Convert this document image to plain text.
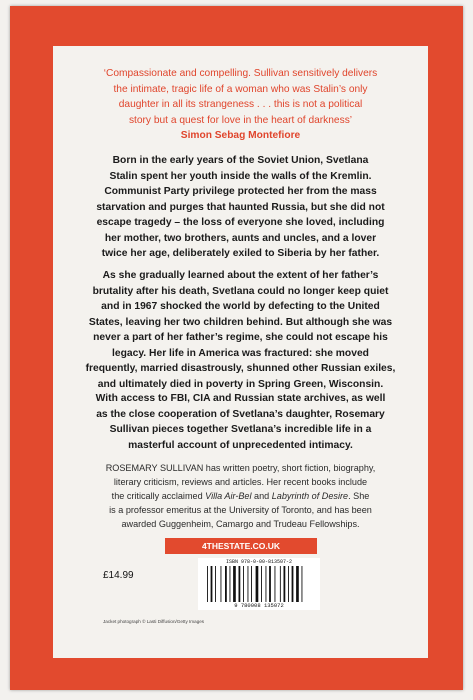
‘Compassionate and compelling. Sullivan sensitively delivers
the intimate, tragic life of a woman who was Stalin’s only
daughter in all its strangeness . . . this is not a political
story but a quest for love in the heart of darkness’
Simon Sebag Montefiore
Born in the early years of the Soviet Union, Svetlana
Stalin spent her youth inside the walls of the Kremlin.
Communist Party privilege protected her from the mass
starvation and purges that haunted Russia, but she did not
escape tragedy – the loss of everyone she loved, including
her mother, two brothers, aunts and uncles, and a lover
twice her age, deliberately exiled to Siberia by her father.
As she gradually learned about the extent of her father’s
brutality after his death, Svetlana could no longer keep quiet
and in 1967 shocked the world by defecting to the United
States, leaving her two children behind. But although she was
never a part of her father’s regime, she could not escape his
legacy. Her life in America was fractured: she moved
frequently, married disastrously, shunned other Russian exiles,
and ultimately died in poverty in Spring Green, Wisconsin.
With access to FBI, CIA and Russian state archives, as well
as the close cooperation of Svetlana’s daughter, Rosemary
Sullivan pieces together Svetlana’s incredible life in a
masterful account of unprecedented intimacy.
ROSEMARY SULLIVAN has written poetry, short fiction, biography,
literary criticism, reviews and articles. Her recent books include
the critically acclaimed Villa Air-Bel and Labyrinth of Desire. She
is a professor emeritus at the University of Toronto, and has been
awarded Guggenheim, Camargo and Trudeau Fellowships.
4THESTATE.CO.UK
£14.99
ISBN 978-0-00-813507-2
9 780008 135072
Jacket photograph © Lasti Diffusion/Getty Images
